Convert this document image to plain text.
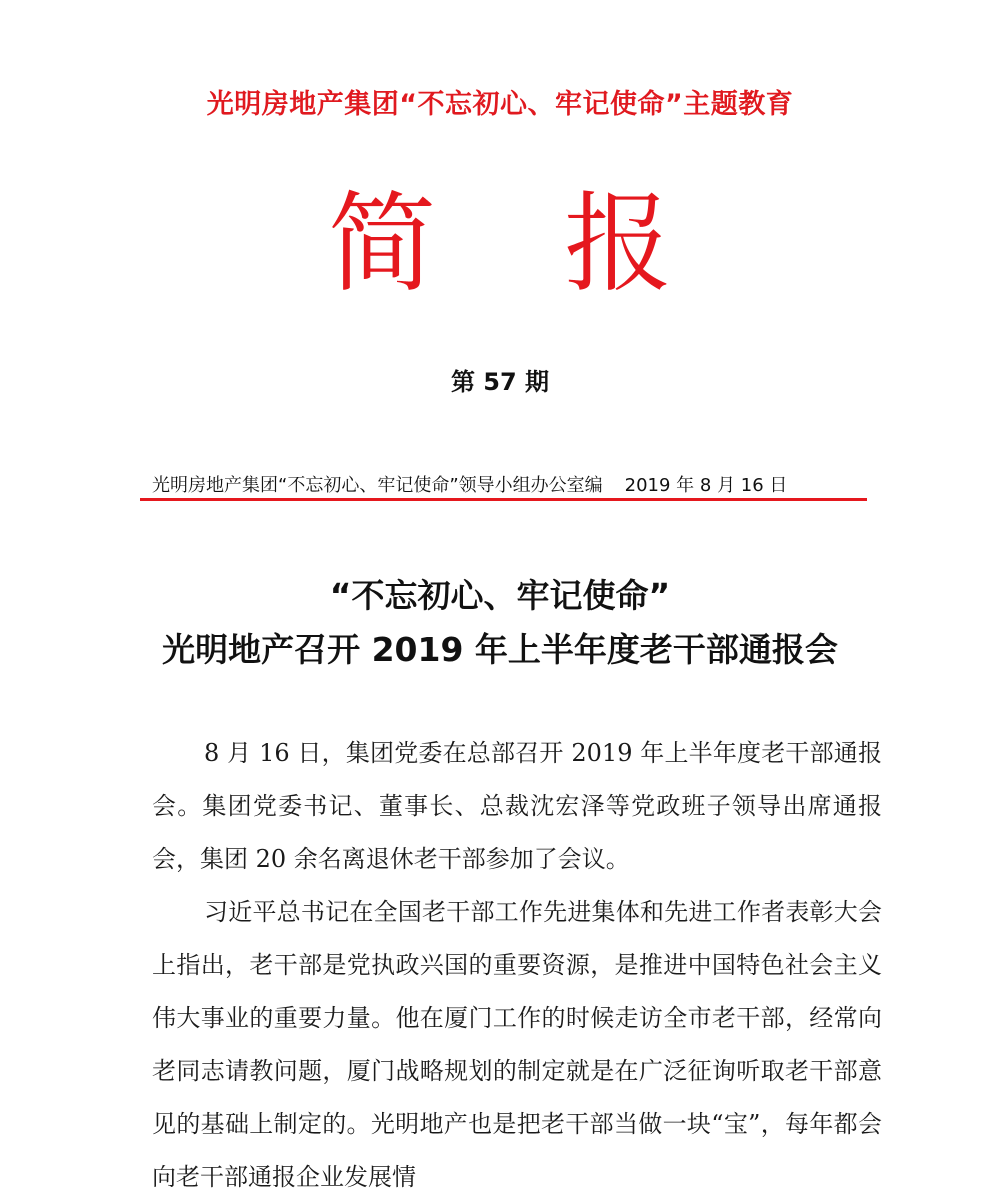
光明房地产集团“不忘初心、牢记使命”主题教育
简 报
第 57 期
光明房地产集团“不忘初心、牢记使命”领导小组办公室编 2019 年 8 月 16 日
“不忘初心、牢记使命”
光明地产召开 2019 年上半年度老干部通报会

8 月 16 日，集团党委在总部召开 2019 年上半年度老干部通报会。集团党委书记、董事长、总裁沈宏泽等党政班子领导出席通报会，集团 20 余名离退休老干部参加了会议。

习近平总书记在全国老干部工作先进集体和先进工作者表彰大会上指出，老干部是党执政兴国的重要资源，是推进中国特色社会主义伟大事业的重要力量。他在厦门工作的时候走访全市老干部，经常向老同志请教问题，厦门战略规划的制定就是在广泛征询听取老干部意见的基础上制定的。光明地产也是把老干部当做一块“宝”，每年都会向老干部通报企业发展情
